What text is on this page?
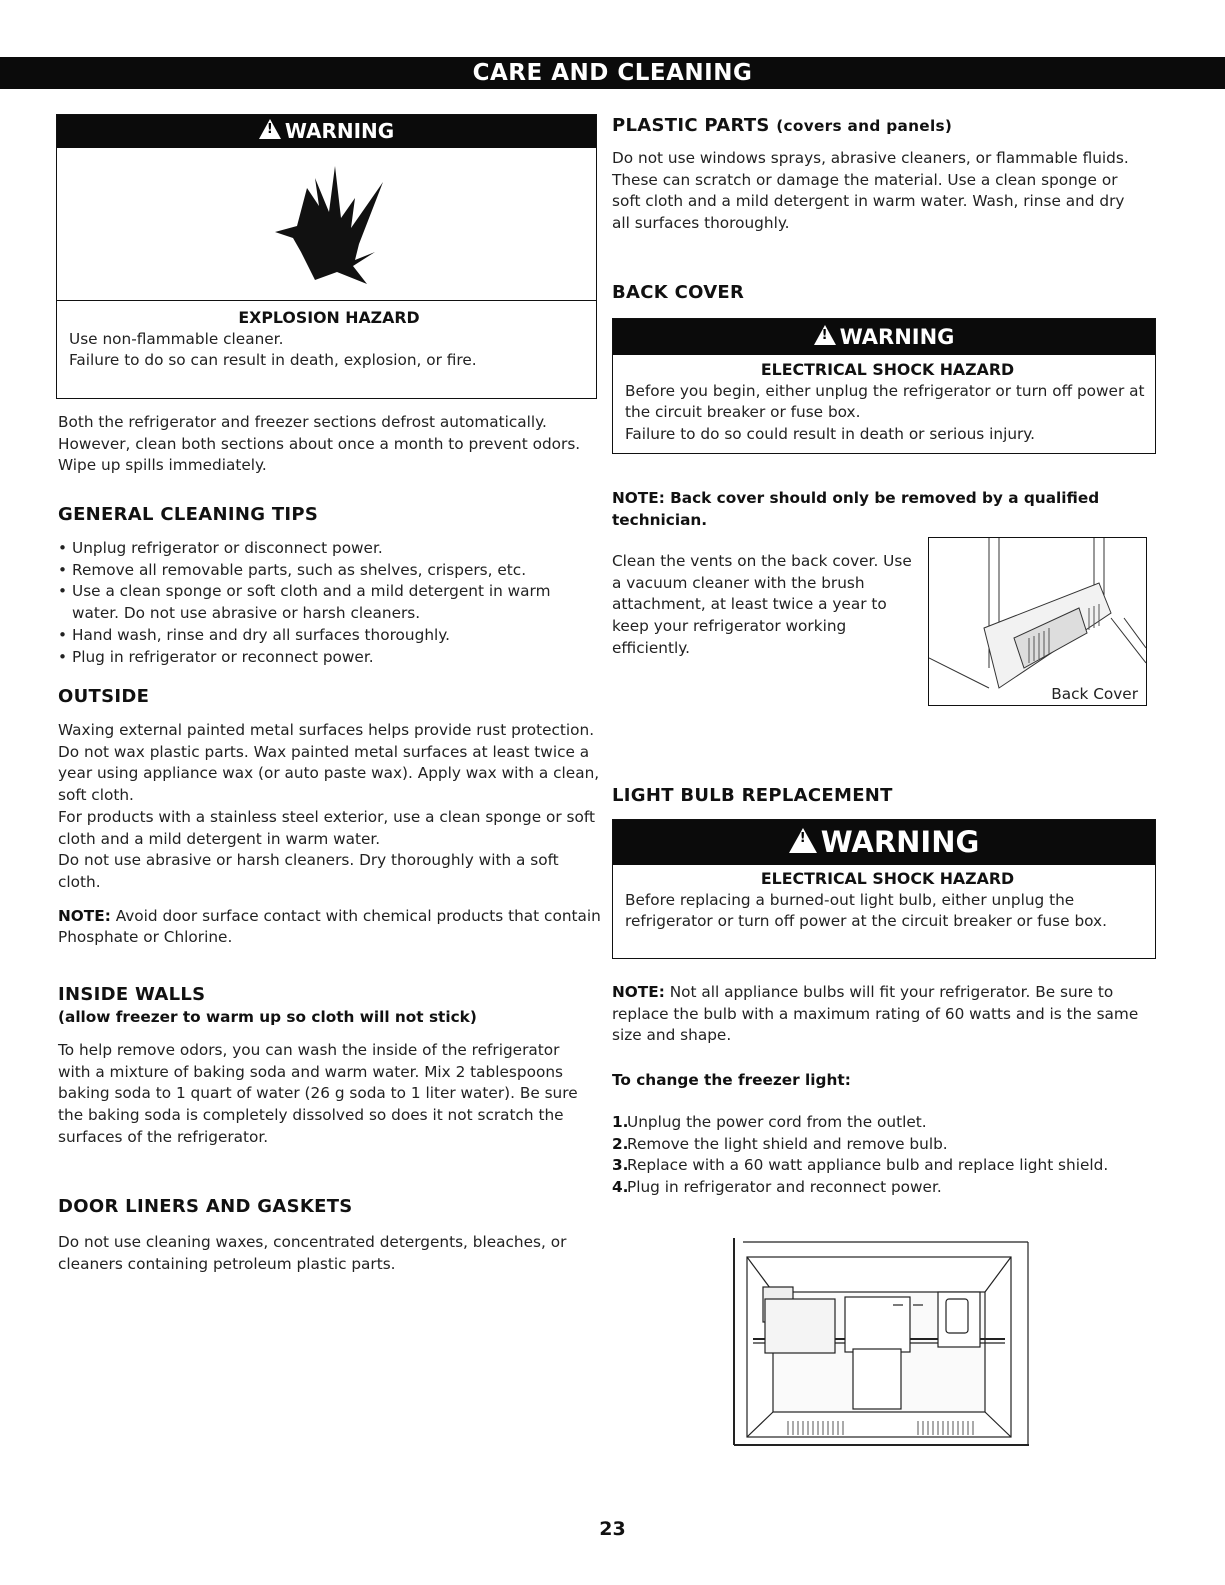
CARE AND CLEANING
!WARNING
EXPLOSION HAZARD
Use non-flammable cleaner.
Failure to do so can result in death, explosion, or fire.
Both the refrigerator and freezer sections defrost automatically. However, clean both sections about once a month to prevent odors. Wipe up spills immediately.
GENERAL CLEANING TIPS
• Unplug refrigerator or disconnect power.
• Remove all removable parts, such as shelves, crispers, etc.
• Use a clean sponge or soft cloth and a mild detergent in warm water. Do not use abrasive or harsh cleaners.
• Hand wash, rinse and dry all surfaces thoroughly.
• Plug in refrigerator or reconnect power.
OUTSIDE
Waxing external painted metal surfaces helps provide rust protection. Do not wax plastic parts. Wax painted metal surfaces at least twice a year using appliance wax (or auto paste wax). Apply wax with a clean, soft cloth.
For products with a stainless steel exterior, use a clean sponge or soft cloth and a mild detergent in warm water.
Do not use abrasive or harsh cleaners. Dry thoroughly with a soft cloth.
NOTE: Avoid door surface contact with chemical products that contain Phosphate or Chlorine.
INSIDE WALLS
(allow freezer to warm up so cloth will not stick)
To help remove odors, you can wash the inside of the refrigerator with a mixture of baking soda and warm water. Mix 2 tablespoons baking soda to 1 quart of water (26 g soda to 1 liter water). Be sure the baking soda is completely dissolved so does it not scratch the surfaces of the refrigerator.
DOOR LINERS AND GASKETS
Do not use cleaning waxes, concentrated detergents, bleaches, or cleaners containing petroleum plastic parts.
PLASTIC PARTS (covers and panels)
Do not use windows sprays, abrasive cleaners, or flammable fluids. These can scratch or damage the material. Use a clean sponge or soft cloth and a mild detergent in warm water. Wash, rinse and dry all surfaces thoroughly.
BACK COVER
!WARNING
ELECTRICAL SHOCK HAZARD
Before you begin, either unplug the refrigerator or turn off power at the circuit breaker or fuse box.
Failure to do so could result in death or serious injury.
NOTE: Back cover should only be removed by a qualified technician.
Clean the vents on the back cover. Use a vacuum cleaner with the brush attachment, at least twice a year to keep your refrigerator working efficiently.
Back Cover
LIGHT BULB REPLACEMENT
!WARNING
ELECTRICAL SHOCK HAZARD
Before replacing a burned-out light bulb, either unplug the refrigerator or turn off power at the circuit breaker or fuse box.
NOTE: Not all appliance bulbs will fit your refrigerator. Be sure to replace the bulb with a maximum rating of 60 watts and is the same size and shape.
To change the freezer light:
1.
Unplug the power cord from the outlet.
2.
Remove the light shield and remove bulb.
3.
Replace with a 60 watt appliance bulb and replace light shield.
4.
Plug in refrigerator and reconnect power.
23
